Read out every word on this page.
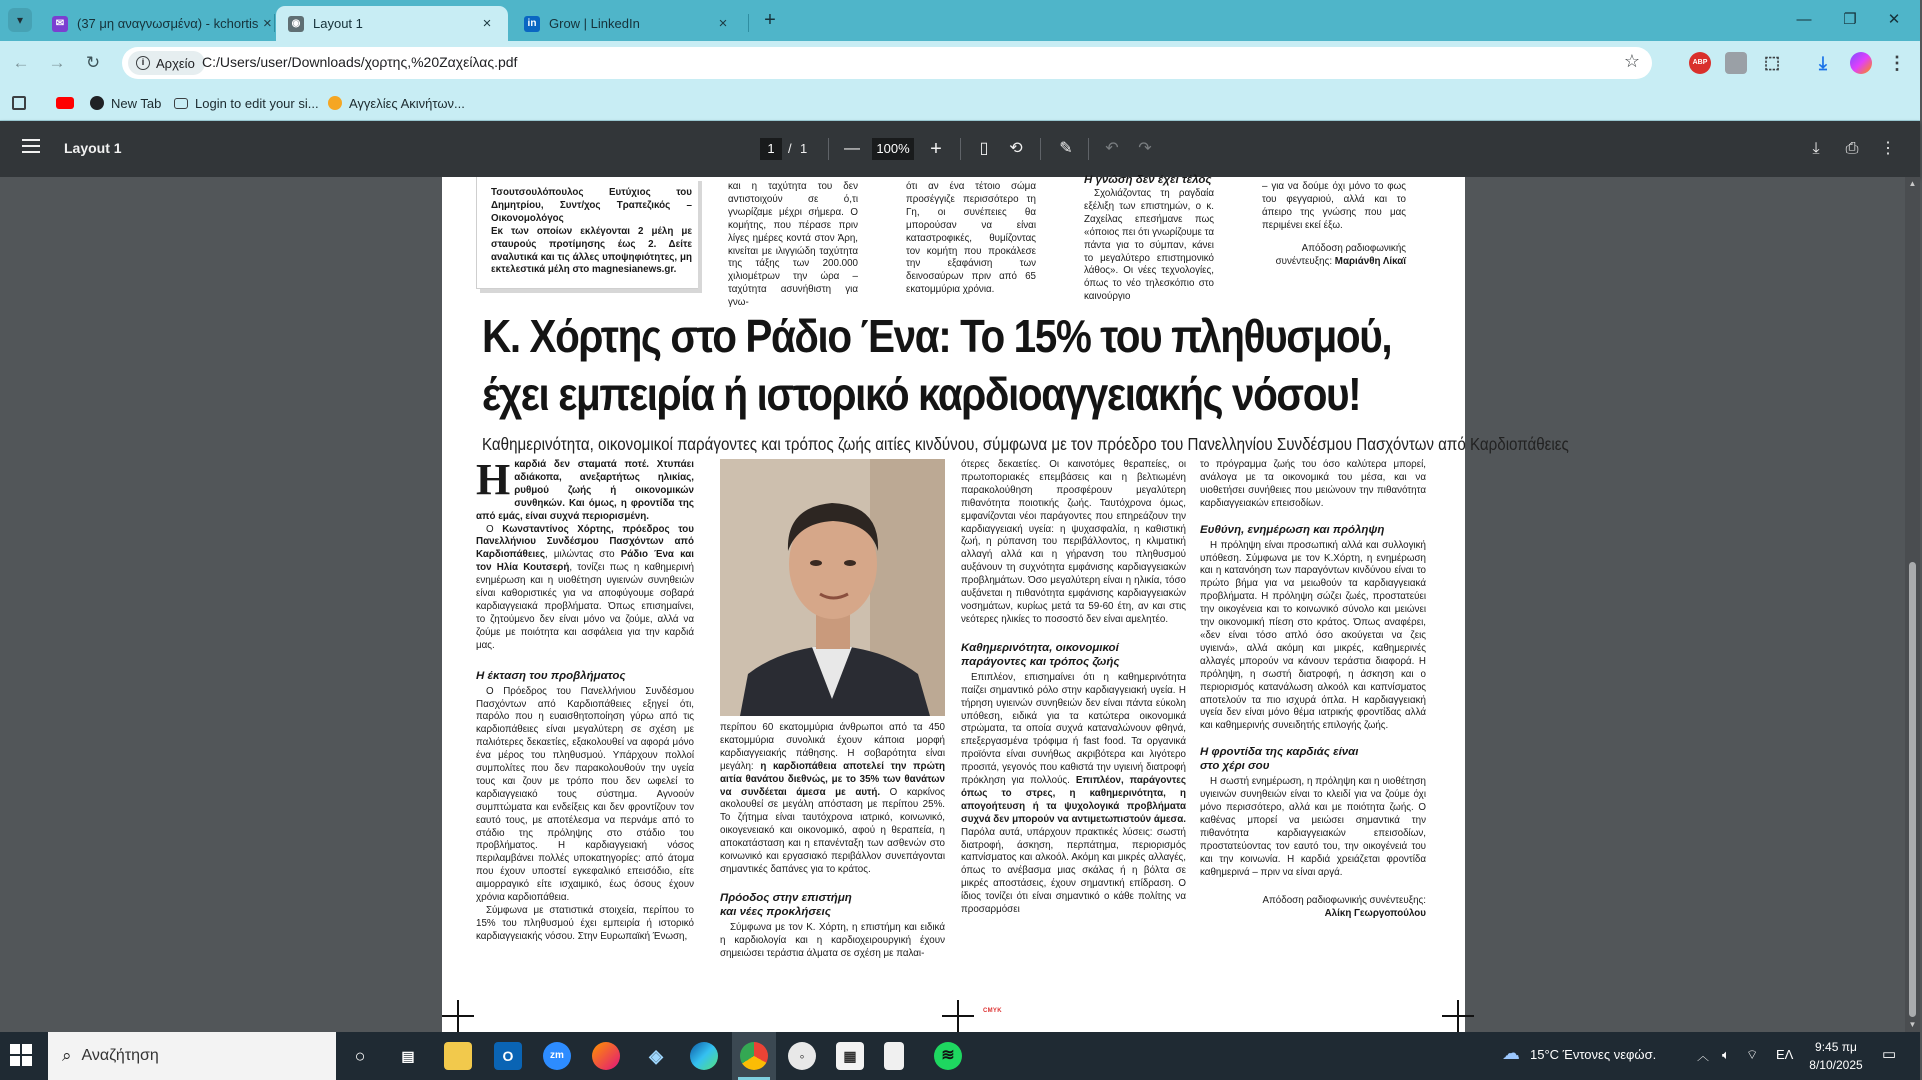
▾	✉ (37 μη αναγνωσμένα) - kchortis ×	◉ Layout 1	×	in Grow | LinkedIn	×	+	—	❐	✕
← →	↻	i Αρχείο C:/Users/user/Downloads/χορτης,%20Ζαχείλας.pdf	☆	ABP	⬚	⤓	⋮
New Tab	Login to edit your si... Αγγελίες Ακινήτων...
Layout 1
1	/ 1 —
100%	+	▯	⟲	✎	↶	↷	⤓	⎙	⋮

Τσουτσουλόπουλος Ευτύχιος του Δημητρίου, Συντ/χος Τραπεζικός – Οικονομολόγος

Εκ των οποίων εκλέγονται 2 μέλη με σταυρούς προτίμησης έως 2. Δείτε αναλυτικά και τις άλλες υποψηφιότητες, μη εκτελεστικά μέλη στο magnesianews.gr.

και η ταχύτητα του δεν αντιστοιχούν σε ό,τι γνωρίζαμε μέχρι σήμερα. Ο κομήτης, που πέρασε πριν λίγες ημέρες κοντά στον Άρη, κινείται με ιλιγγιώδη ταχύτητα της τάξης των 200.000 χιλιομέτρων την ώρα – ταχύτητα ασυνήθιστη για γνω-

ότι αν ένα τέτοιο σώμα προσέγγιζε περισσότερο τη Γη, οι συνέπειες θα μπορούσαν να είναι καταστροφικές, θυμίζοντας τον κομήτη που προκάλεσε την εξαφάνιση των δεινοσαύρων πριν από 65 εκατομμύρια χρόνια.

Η γνώση δεν έχει τέλος

Σχολιάζοντας τη ραγδαία εξέλιξη των επιστημών, ο κ. Ζαχείλας επεσήμανε πως «όποιος πει ότι γνωρίζουμε τα πάντα για το σύμπαν, κάνει το μεγαλύτερο επιστημονικό λάθος». Οι νέες τεχνολογίες, όπως το νέο τηλεσκόπιο στο καινούργιο

– για να δούμε όχι μόνο το φως του φεγγαριού, αλλά και το άπειρο της γνώσης που μας περιμένει εκεί έξω.

Απόδοση ραδιοφωνικής
συνέντευξης: Μαριάνθη Λίκαϊ

Κ. Χόρτης στο Ράδιο Ένα: Το 15% του πληθυσμού,
έχει εμπειρία ή ιστορικό καρδιοαγγειακής νόσου!
Καθημερινότητα, οικονομικοί παράγοντες και τρόπος ζωής αιτίες κινδύνου, σύμφωνα με τον πρόεδρο του Πανελληνίου Συνδέσμου Πασχόντων από Καρδιοπάθειες

Ηκαρδιά δεν σταματά ποτέ. Χτυπάει αδιάκοπα, ανεξαρτήτως ηλικίας, ρυθμού ζωής ή οικονομικών συνθηκών. Και όμως, η φροντίδα της από εμάς, είναι συχνά περιορισμένη.

Ο Κωνσταντίνος Χόρτης, πρόεδρος του Πανελλήνιου Συνδέσμου Πασχόντων από Καρδιοπάθειες, μιλώντας στο Ράδιο Ένα και τον Ηλία Κουτσερή, τονίζει πως η καθημερινή ενημέρωση και η υιοθέτηση υγιεινών συνηθειών είναι καθοριστικές για να αποφύγουμε σοβαρά καρδιαγγειακά προβλήματα. Όπως επισημαίνει, το ζητούμενο δεν είναι μόνο να ζούμε, αλλά να ζούμε με ποιότητα και ασφάλεια για την καρδιά μας.

Η έκταση του προβλήματος

Ο Πρόεδρος του Πανελλήνιου Συνδέσμου Πασχόντων από Καρδιοπάθειες εξηγεί ότι, παρόλο που η ευαισθητοποίηση γύρω από τις καρδιοπάθειες είναι μεγαλύτερη σε σχέση με παλιότερες δεκαετίες, εξακολουθεί να αφορά μόνο ένα μέρος του πληθυσμού. Υπάρχουν πολλοί συμπολίτες που δεν παρακολουθούν την υγεία τους και ζουν με τρόπο που δεν ωφελεί το καρδιαγγειακό τους σύστημα. Αγνοούν συμπτώματα και ενδείξεις και δεν φροντίζουν τον εαυτό τους, με αποτέλεσμα να περνάμε από το στάδιο της πρόληψης στο στάδιο του προβλήματος. Η καρδιαγγειακή νόσος περιλαμβάνει πολλές υποκατηγορίες: από άτομα που έχουν υποστεί εγκεφαλικό επεισόδιο, είτε αιμορραγικό είτε ισχαιμικό, έως όσους έχουν χρόνια καρδιοπάθεια.

Σύμφωνα με στατιστικά στοιχεία, περίπου το 15% του πληθυσμού έχει εμπειρία ή ιστορικό καρδιαγγειακής νόσου. Στην Ευρωπαϊκή Ένωση,

περίπου 60 εκατομμύρια άνθρωποι από τα 450 εκατομμύρια συνολικά έχουν κάποια μορφή καρδιαγγειακής πάθησης. Η σοβαρότητα είναι μεγάλη: η καρδιοπάθεια αποτελεί την πρώτη αιτία θανάτου διεθνώς, με το 35% των θανάτων να συνδέεται άμεσα με αυτή. Ο καρκίνος ακολουθεί σε μεγάλη απόσταση με περίπου 25%. Το ζήτημα είναι ταυτόχρονα ιατρικό, κοινωνικό, οικογενειακό και οικονομικό, αφού η θεραπεία, η αποκατάσταση και η επανένταξη των ασθενών στο κοινωνικό και εργασιακό περιβάλλον συνεπάγονται σημαντικές δαπάνες για το κράτος.

Πρόοδος στην επιστήμη και νέες προκλήσεις

Σύμφωνα με τον Κ. Χόρτη, η επιστήμη και ειδικά η καρδιολογία και η καρδιοχειρουργική έχουν σημειώσει τεράστια άλματα σε σχέση με παλαι-

ότερες δεκαετίες. Οι καινοτόμες θεραπείες, οι πρωτοποριακές επεμβάσεις και η βελτιωμένη παρακολούθηση προσφέρουν μεγαλύτερη πιθανότητα ποιοτικής ζωής. Ταυτόχρονα όμως, εμφανίζονται νέοι παράγοντες που επηρεάζουν την καρδιαγγειακή υγεία: η ψυχασφαλία, η καθιστική ζωή, η ρύπανση του περιβάλλοντος, η κλιματική αλλαγή αλλά και η γήρανση του πληθυσμού αυξάνουν τη συχνότητα εμφάνισης καρδιαγγειακών προβλημάτων. Όσο μεγαλύτερη είναι η ηλικία, τόσο αυξάνεται η πιθανότητα εμφάνισης καρδιαγγειακών νοσημάτων, κυρίως μετά τα 59-60 έτη, αν και στις νεότερες ηλικίες το ποσοστό δεν είναι αμελητέο.

Καθημερινότητα, οικονομικοί παράγοντες και τρόπος ζωής

Επιπλέον, επισημαίνει ότι η καθημερινότητα παίζει σημαντικό ρόλο στην καρδιαγγειακή υγεία. Η τήρηση υγιεινών συνηθειών δεν είναι πάντα εύκολη υπόθεση, ειδικά για τα κατώτερα οικονομικά στρώματα, τα οποία συχνά καταναλώνουν φθηνά, επεξεργασμένα τρόφιμα ή fast food. Τα οργανικά προϊόντα είναι συνήθως ακριβότερα και λιγότερο προσιτά, γεγονός που καθιστά την υγιεινή διατροφή πρόκληση για πολλούς. Επιπλέον, παράγοντες όπως το στρες, η καθημερινότητα, η απογοήτευση ή τα ψυχολογικά προβλήματα συχνά δεν μπορούν να αντιμετωπιστούν άμεσα. Παρόλα αυτά, υπάρχουν πρακτικές λύσεις: σωστή διατροφή, άσκηση, περπάτημα, περιορισμός καπνίσματος και αλκοόλ. Ακόμη και μικρές αλλαγές, όπως το ανέβασμα μιας σκάλας ή η βόλτα σε μικρές αποστάσεις, έχουν σημαντική επίδραση. Ο ίδιος τονίζει ότι είναι σημαντικό ο κάθε πολίτης να προσαρμόσει

το πρόγραμμα ζωής του όσο καλύτερα μπορεί, ανάλογα με τα οικονομικά του μέσα, και να υιοθετήσει συνήθειες που μειώνουν την πιθανότητα καρδιαγγειακών επεισοδίων.

Ευθύνη, ενημέρωση και πρόληψη

Η πρόληψη είναι προσωπική αλλά και συλλογική υπόθεση. Σύμφωνα με τον Κ.Χόρτη, η ενημέρωση και η κατανόηση των παραγόντων κινδύνου είναι το πρώτο βήμα για να μειωθούν τα καρδιαγγειακά προβλήματα. Η πρόληψη σώζει ζωές, προστατεύει την οικογένεια και το κοινωνικό σύνολο και μειώνει την οικονομική πίεση στο κράτος. Όπως αναφέρει, «δεν είναι τόσο απλό όσο ακούγεται να ζεις υγιεινά», αλλά ακόμη και μικρές, καθημερινές αλλαγές μπορούν να κάνουν τεράστια διαφορά. Η πρόληψη, η σωστή διατροφή, η άσκηση και ο περιορισμός κατανάλωση αλκοόλ και καπνίσματος αποτελούν τα πιο ισχυρά όπλα. Η καρδιαγγειακή υγεία δεν είναι μόνο θέμα ιατρικής φροντίδας αλλά και καθημερινής συνειδητής επιλογής ζωής.

Η φροντίδα της καρδιάς είναι στο χέρι σου

Η σωστή ενημέρωση, η πρόληψη και η υιοθέτηση υγιεινών συνηθειών είναι το κλειδί για να ζούμε όχι μόνο περισσότερο, αλλά και με ποιότητα ζωής. Ο καθένας μπορεί να μειώσει σημαντικά την πιθανότητα καρδιαγγειακών επεισοδίων, προστατεύοντας τον εαυτό του, την οικογένειά του και την κοινωνία. Η καρδιά χρειάζεται φροντίδα καθημερινά – πριν να είναι αργά.

Απόδοση ραδιοφωνικής συνέντευξης:
Αλίκη Γεωργοπούλου

CMYK
▲
▼
⌕ Αναζήτηση	○	▤	O	zm	◈	◦	▦	≋	☁ 15°C Έντονες νεφώσ.	︿ 🔈︎ ⌔ ΕΛ	9:45 πμ
8/10/2025
▭
